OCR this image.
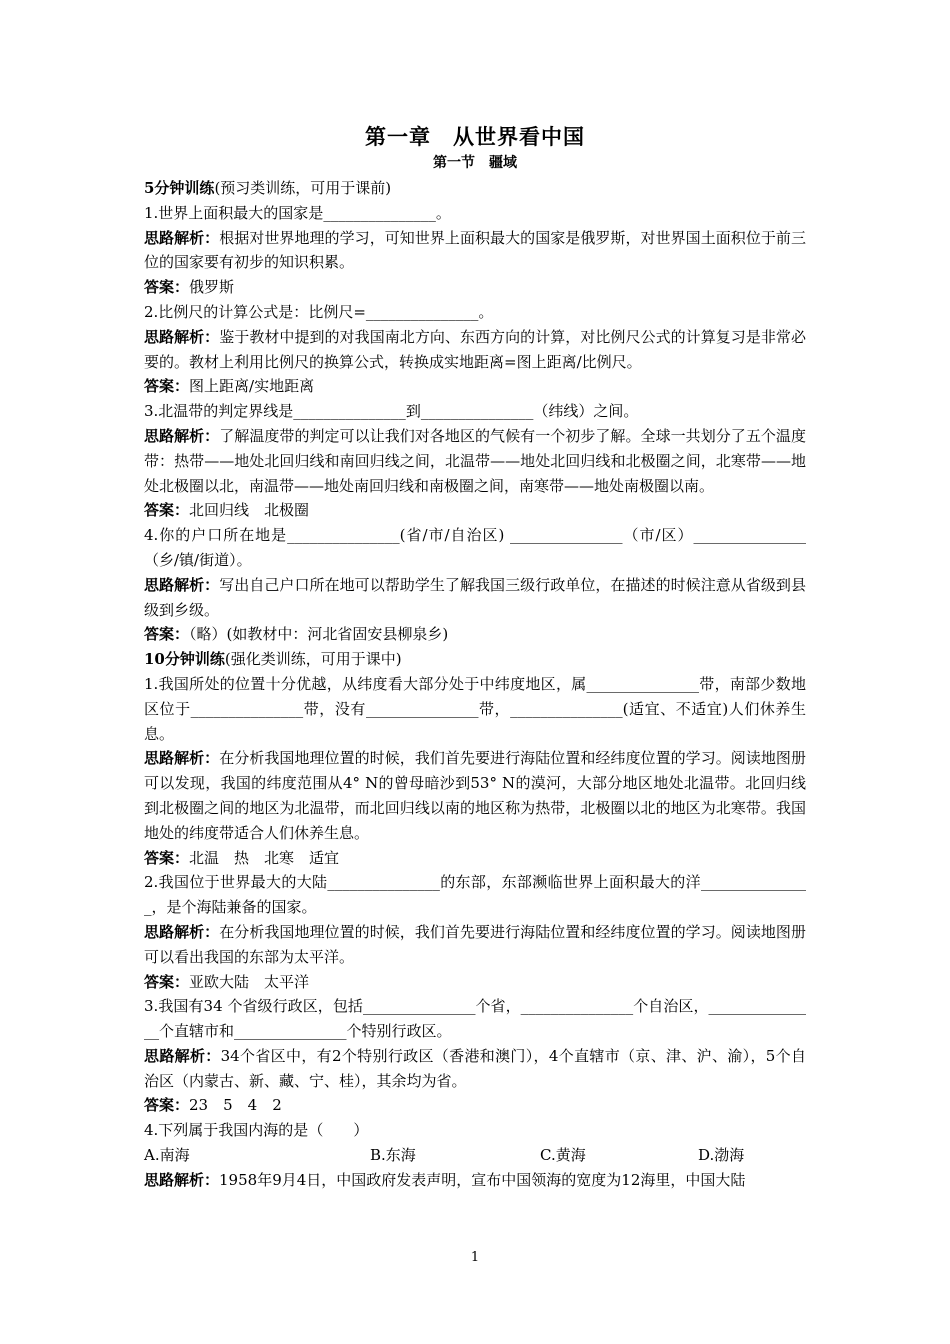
第一章　从世界看中国
第一节　疆域

5分钟训练(预习类训练，可用于课前)

1.世界上面积最大的国家是_______________。

思路解析：根据对世界地理的学习，可知世界上面积最大的国家是俄罗斯，对世界国土面积位于前三位的国家要有初步的知识积累。

答案：俄罗斯

2.比例尺的计算公式是：比例尺=_______________。

思路解析：鉴于教材中提到的对我国南北方向、东西方向的计算，对比例尺公式的计算复习是非常必要的。教材上利用比例尺的换算公式，转换成实地距离=图上距离/比例尺。

答案：图上距离/实地距离

3.北温带的判定界线是_______________到_______________（纬线）之间。

思路解析：了解温度带的判定可以让我们对各地区的气候有一个初步了解。全球一共划分了五个温度带：热带——地处北回归线和南回归线之间，北温带——地处北回归线和北极圈之间，北寒带——地处北极圈以北，南温带——地处南回归线和南极圈之间，南寒带——地处南极圈以南。

答案：北回归线　北极圈

4.你的户口所在地是_______________(省/市/自治区) _______________（市/区）_______________（乡/镇/街道）。

思路解析：写出自己户口所在地可以帮助学生了解我国三级行政单位，在描述的时候注意从省级到县级到乡级。

答案：（略）(如教材中：河北省固安县柳泉乡)

10分钟训练(强化类训练，可用于课中)

1.我国所处的位置十分优越，从纬度看大部分处于中纬度地区，属_______________带，南部少数地区位于_______________带，没有_______________带，_______________(适宜、不适宜)人们休养生息。

思路解析：在分析我国地理位置的时候，我们首先要进行海陆位置和经纬度位置的学习。阅读地图册可以发现，我国的纬度范围从4° N的曾母暗沙到53° N的漠河，大部分地区地处北温带。北回归线到北极圈之间的地区为北温带，而北回归线以南的地区称为热带，北极圈以北的地区为北寒带。我国地处的纬度带适合人们休养生息。

答案：北温　热　北寒　适宜

2.我国位于世界最大的大陆_______________的东部，东部濒临世界上面积最大的洋_______________，是个海陆兼备的国家。

思路解析：在分析我国地理位置的时候，我们首先要进行海陆位置和经纬度位置的学习。阅读地图册可以看出我国的东部为太平洋。

答案：亚欧大陆　太平洋

3.我国有34 个省级行政区，包括_______________个省，_______________个自治区，_______________个直辖市和_______________个特别行政区。

思路解析：34个省区中，有2个特别行政区（香港和澳门），4个直辖市（京、津、沪、渝），5个自治区（内蒙古、新、藏、宁、桂），其余均为省。

答案：23　5　4　2

4.下列属于我国内海的是（　　）

A.南海	B.东海	C.黄海	D.渤海

思路解析：1958年9月4日，中国政府发表声明，宣布中国领海的宽度为12海里，中国大陆

1
